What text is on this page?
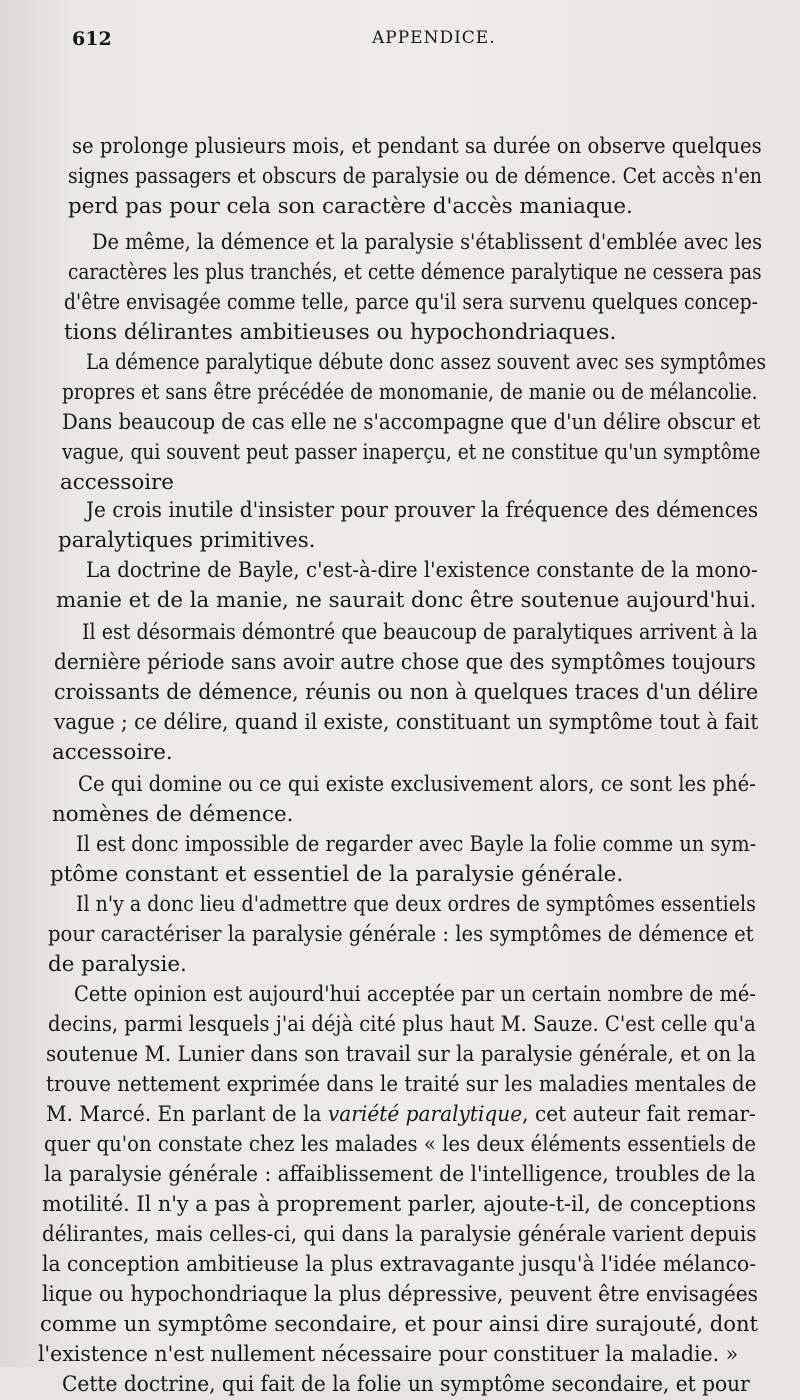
612	APPENDICE.
se prolonge plusieurs mois, et pendant sa durée on observe quelques
signes passagers et obscurs de paralysie ou de démence. Cet accès n'en
perd pas pour cela son caractère d'accès maniaque.
De même, la démence et la paralysie s'établissent d'emblée avec les
caractères les plus tranchés, et cette démence paralytique ne cessera pas
d'être envisagée comme telle, parce qu'il sera survenu quelques concep-
tions délirantes ambitieuses ou hypochondriaques.
La démence paralytique débute donc assez souvent avec ses symptômes
propres et sans être précédée de monomanie, de manie ou de mélancolie.
Dans beaucoup de cas elle ne s'accompagne que d'un délire obscur et
vague, qui souvent peut passer inaperçu, et ne constitue qu'un symptôme
accessoire
Je crois inutile d'insister pour prouver la fréquence des démences
paralytiques primitives.
La doctrine de Bayle, c'est-à-dire l'existence constante de la mono-
manie et de la manie, ne saurait donc être soutenue aujourd'hui.
Il est désormais démontré que beaucoup de paralytiques arrivent à la
dernière période sans avoir autre chose que des symptômes toujours
croissants de démence, réunis ou non à quelques traces d'un délire
vague ; ce délire, quand il existe, constituant un symptôme tout à fait
accessoire.
Ce qui domine ou ce qui existe exclusivement alors, ce sont les phé-
nomènes de démence.
Il est donc impossible de regarder avec Bayle la folie comme un sym-
ptôme constant et essentiel de la paralysie générale.
Il n'y a donc lieu d'admettre que deux ordres de symptômes essentiels
pour caractériser la paralysie générale : les symptômes de démence et
de paralysie.
Cette opinion est aujourd'hui acceptée par un certain nombre de mé-
decins, parmi lesquels j'ai déjà cité plus haut M. Sauze. C'est celle qu'a
soutenue M. Lunier dans son travail sur la paralysie générale, et on la
trouve nettement exprimée dans le traité sur les maladies mentales de
M. Marcé. En parlant de la variété paralytique, cet auteur fait remar-
quer qu'on constate chez les malades « les deux éléments essentiels de
la paralysie générale : affaiblissement de l'intelligence, troubles de la
motilité. Il n'y a pas à proprement parler, ajoute-t-il, de conceptions
délirantes, mais celles-ci, qui dans la paralysie générale varient depuis
la conception ambitieuse la plus extravagante jusqu'à l'idée mélanco-
lique ou hypochondriaque la plus dépressive, peuvent être envisagées
comme un symptôme secondaire, et pour ainsi dire surajouté, dont
l'existence n'est nullement nécessaire pour constituer la maladie. »
Cette doctrine, qui fait de la folie un symptôme secondaire, et pour
